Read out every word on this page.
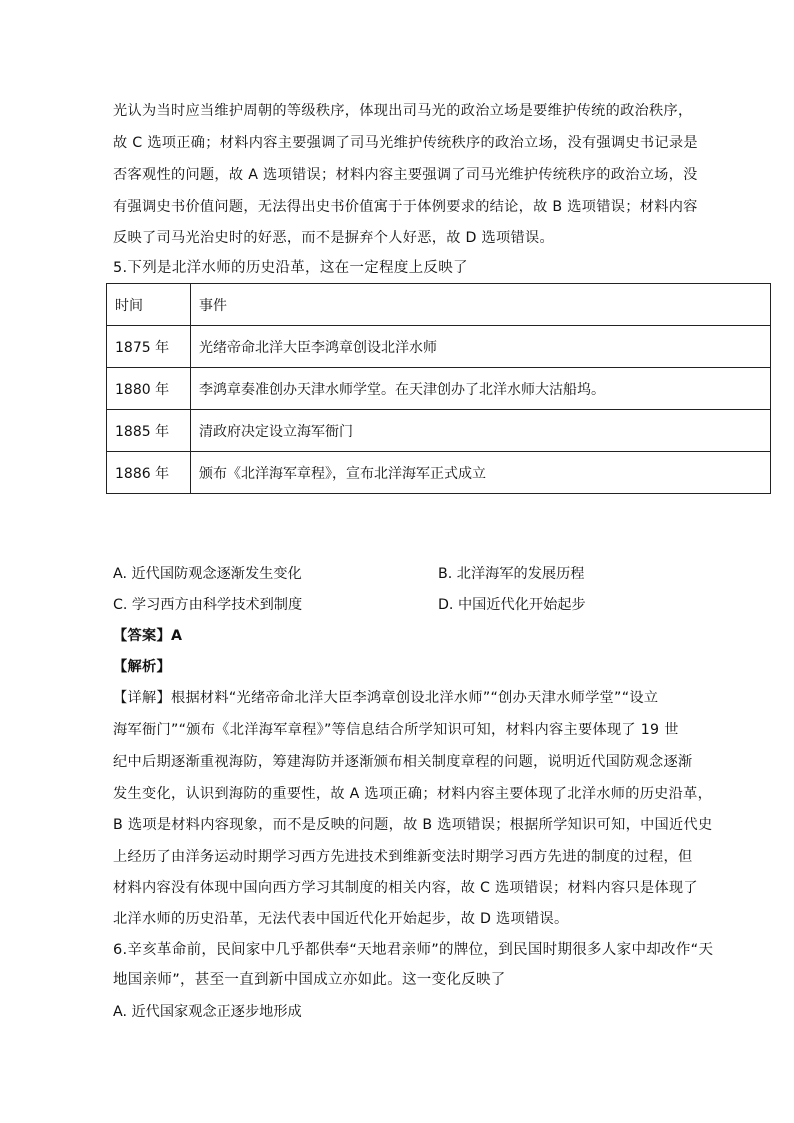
光认为当时应当维护周朝的等级秩序，体现出司马光的政治立场是要维护传统的政治秩序，
故 C 选项正确；材料内容主要强调了司马光维护传统秩序的政治立场，没有强调史书记录是
否客观性的问题，故 A 选项错误；材料内容主要强调了司马光维护传统秩序的政治立场，没
有强调史书价值问题，无法得出史书价值寓于于体例要求的结论，故 B 选项错误；材料内容
反映了司马光治史时的好恶，而不是摒弃个人好恶，故 D 选项错误。
5.下列是北洋水师的历史沿革，这在一定程度上反映了
时间	事件
1875 年	光绪帝命北洋大臣李鸿章创设北洋水师
1880 年	李鸿章奏准创办天津水师学堂。在天津创办了北洋水师大沽船坞。
1885 年	清政府决定设立海军衙门
1886 年	颁布《北洋海军章程》，宣布北洋海军正式成立
A. 近代国防观念逐渐发生变化	B. 北洋海军的发展历程
C. 学习西方由科学技术到制度	D. 中国近代化开始起步
【答案】A
【解析】
【详解】根据材料“光绪帝命北洋大臣李鸿章创设北洋水师”“创办天津水师学堂”“设立
海军衙门”“颁布《北洋海军章程》”等信息结合所学知识可知，材料内容主要体现了 19 世
纪中后期逐渐重视海防，筹建海防并逐渐颁布相关制度章程的问题，说明近代国防观念逐渐
发生变化，认识到海防的重要性，故 A 选项正确；材料内容主要体现了北洋水师的历史沿革，
B 选项是材料内容现象，而不是反映的问题，故 B 选项错误；根据所学知识可知，中国近代史
上经历了由洋务运动时期学习西方先进技术到维新变法时期学习西方先进的制度的过程，但
材料内容没有体现中国向西方学习其制度的相关内容，故 C 选项错误；材料内容只是体现了
北洋水师的历史沿革，无法代表中国近代化开始起步，故 D 选项错误。
6.辛亥革命前，民间家中几乎都供奉“天地君亲师”的牌位，到民国时期很多人家中却改作“天
地国亲师”，甚至一直到新中国成立亦如此。这一变化反映了
A. 近代国家观念正逐步地形成
